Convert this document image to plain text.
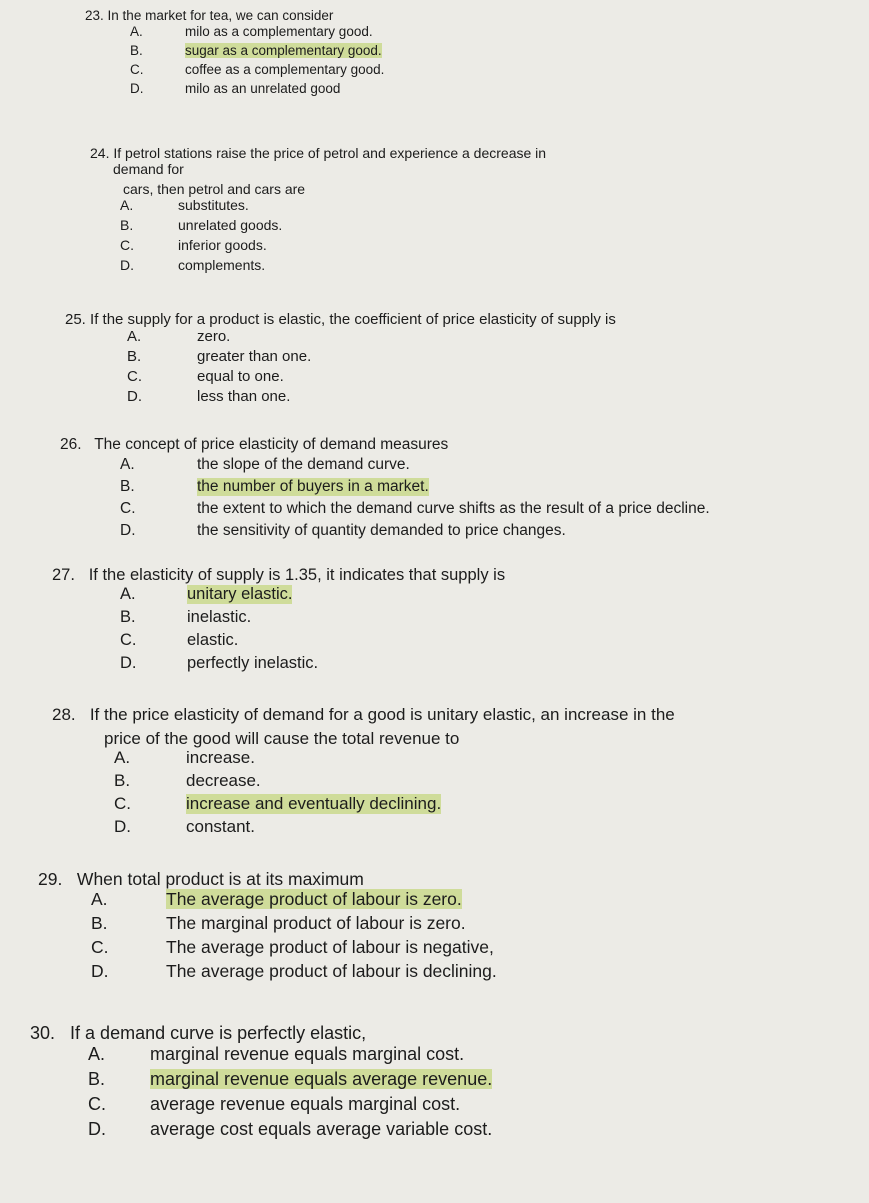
23. In the market for tea, we can consider
A.	milo as a complementary good.
B.	sugar as a complementary good.
C.	coffee as a complementary good.
D.	milo as an unrelated good
24. If petrol stations raise the price of petrol and experience a decrease in
demand for
cars, then petrol and cars are
A.	substitutes.
B.	unrelated goods.
C.	inferior goods.
D.	complements.
25. If the supply for a product is elastic, the coefficient of price elasticity of supply is
A.	zero.
B.	greater than one.
C.	equal to one.
D.	less than one.
26. The concept of price elasticity of demand measures
A.	the slope of the demand curve.
B.	the number of buyers in a market.
C.	the extent to which the demand curve shifts as the result of a price decline.
D.	the sensitivity of quantity demanded to price changes.
27. If the elasticity of supply is 1.35, it indicates that supply is
A.	unitary elastic.
B.	inelastic.
C.	elastic.
D.	perfectly inelastic.
28. If the price elasticity of demand for a good is unitary elastic, an increase in the
price of the good will cause the total revenue to
A.	increase.
B.	decrease.
C.	increase and eventually declining.
D.	constant.
29. When total product is at its maximum
A.	The average product of labour is zero.
B.	The marginal product of labour is zero.
C.	The average product of labour is negative,
D.	The average product of labour is declining.
30. If a demand curve is perfectly elastic,
A. marginal revenue equals marginal cost.
B. marginal revenue equals average revenue.
C. average revenue equals marginal cost.
D. average cost equals average variable cost.
